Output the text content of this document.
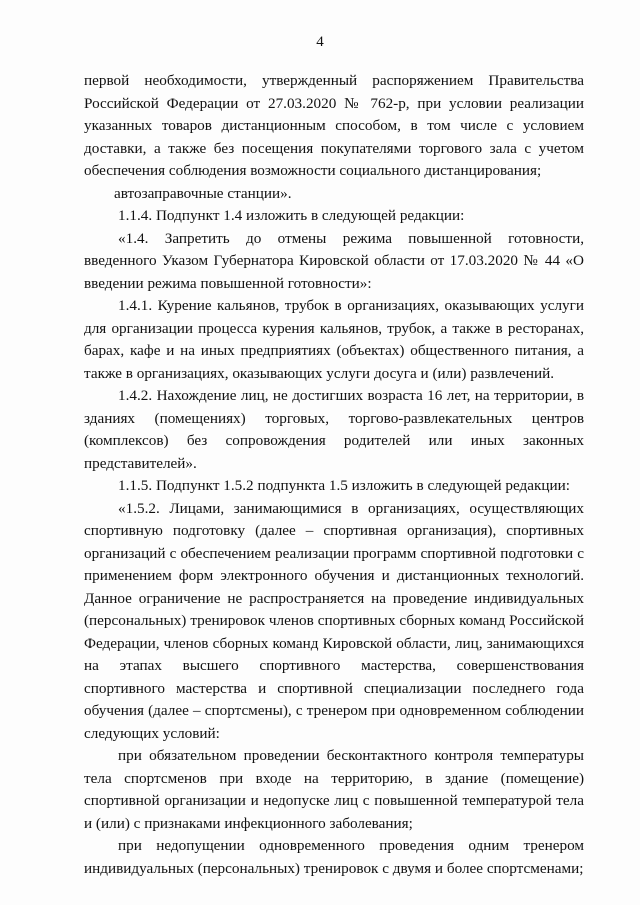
4

первой необходимости, утвержденный распоряжением Правительства Российской Федерации от 27.03.2020 № 762-р, при условии реализации указанных товаров дистанционным способом, в том числе с условием доставки, а также без посещения покупателями торгового зала с учетом обеспечения соблюдения возможности социального дистанцирования;

автозаправочные станции».

1.1.4. Подпункт 1.4 изложить в следующей редакции:

«1.4. Запретить до отмены режима повышенной готовности, введенного Указом Губернатора Кировской области от 17.03.2020 № 44 «О введении режима повышенной готовности»:

1.4.1. Курение кальянов, трубок в организациях, оказывающих услуги для организации процесса курения кальянов, трубок, а также в ресторанах, барах, кафе и на иных предприятиях (объектах) общественного питания, а также в организациях, оказывающих услуги досуга и (или) развлечений.

1.4.2. Нахождение лиц, не достигших возраста 16 лет, на территории, в зданиях (помещениях) торговых, торгово-развлекательных центров (комплексов) без сопровождения родителей или иных законных представителей».

1.1.5. Подпункт 1.5.2 подпункта 1.5 изложить в следующей редакции:

«1.5.2. Лицами, занимающимися в организациях, осуществляющих спортивную подготовку (далее – спортивная организация), спортивных организаций с обеспечением реализации программ спортивной подготовки с применением форм электронного обучения и дистанционных технологий. Данное ограничение не распространяется на проведение индивидуальных (персональных) тренировок членов спортивных сборных команд Российской Федерации, членов сборных команд Кировской области, лиц, занимающихся на этапах высшего спортивного мастерства, совершенствования спортивного мастерства и спортивной специализации последнего года обучения (далее – спортсмены), с тренером при одновременном соблюдении следующих условий:

при обязательном проведении бесконтактного контроля температуры тела спортсменов при входе на территорию, в здание (помещение) спортивной организации и недопуске лиц с повышенной температурой тела и (или) с признаками инфекционного заболевания;

при недопущении одновременного проведения одним тренером индивидуальных (персональных) тренировок с двумя и более спортсменами;
